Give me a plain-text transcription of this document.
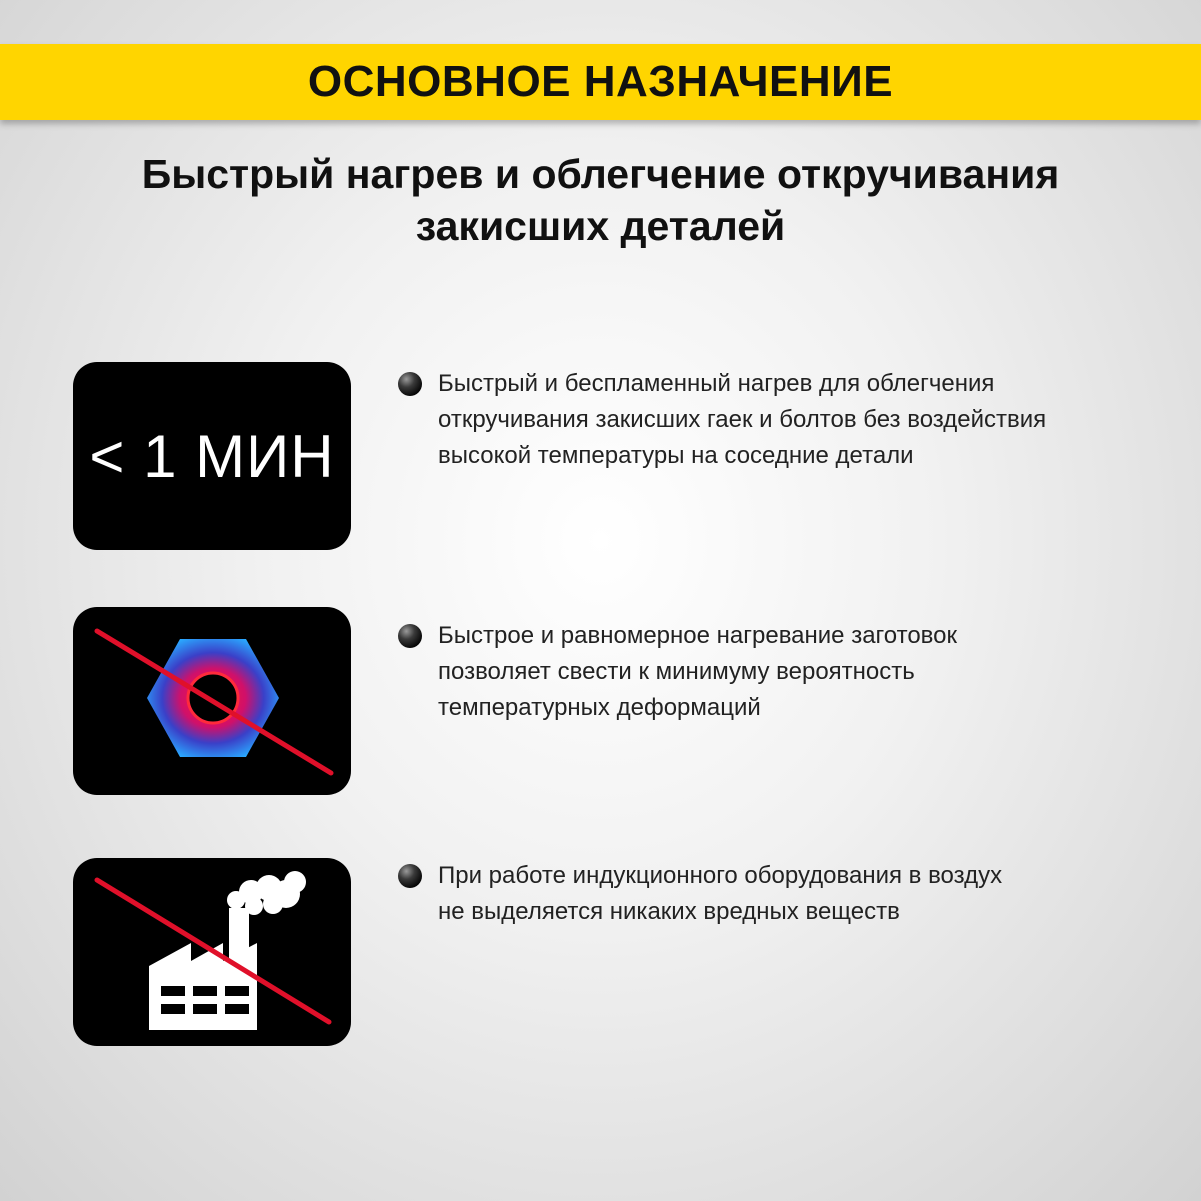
ОСНОВНОЕ НАЗНАЧЕНИЕ
Быстрый нагрев и облегчение откручивания
закисших деталей
< 1 МИН
Быстрый и беспламенный нагрев для облегчения
откручивания закисших гаек и болтов без воздействия
высокой температуры на соседние детали
Быстрое и равномерное нагревание заготовок
позволяет свести к минимуму вероятность
температурных деформаций
При работе индукционного оборудования в воздух
не выделяется никаких вредных веществ
